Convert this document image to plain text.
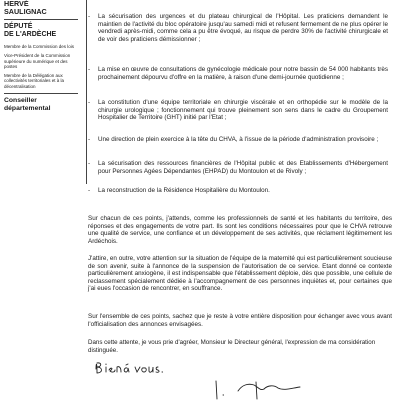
HERVÉ

SAULIGNAC

DÉPUTÉ

DE L'ARDÈCHE

Membre de la Commission des lois

Vice-Président de la Commission supérieure du numérique et des postes

Membre de la Délégation aux collectivités territoriales et à la décentralisation

Conseiller

départemental

- La sécurisation des urgences et du plateau chirurgical de l'Hôpital. Les praticiens demandent le maintien de l'activité du bloc opératoire jusqu'au samedi midi et refusent fermement de ne plus opérer le vendredi après-midi, comme cela a pu être évoqué, au risque de perdre 30% de l'activité chirurgicale et de voir des praticiens démissionner ;
- La mise en œuvre de consultations de gynécologie médicale pour notre bassin de 54 000 habitants très prochainement dépourvu d'offre en la matière, à raison d'une demi-journée quotidienne ;
- La constitution d'une équipe territoriale en chirurgie viscérale et en orthopédie sur le modèle de la chirurgie urologique ; fonctionnement qui trouve pleinement son sens dans le cadre du Groupement Hospitalier de Territoire (GHT) initié par l'Etat ;
- Une direction de plein exercice à la tête du CHVA, à l'issue de la période d'administration provisoire ;
- La sécurisation des ressources financières de l'Hôpital public et des Etablissements d'Hébergement pour Personnes Agées Dépendantes (EHPAD) du Montoulon et de Rivoly ;
- La reconstruction de la Résidence Hospitalière du Montoulon.

Sur chacun de ces points, j'attends, comme les professionnels de santé et les habitants du territoire, des réponses et des engagements de votre part. Ils sont les conditions nécessaires pour que le CHVA retrouve une qualité de service, une confiance et un développement de ses activités, que réclament légitimement les Ardéchois.

J'attire, en outre, votre attention sur la situation de l'équipe de la maternité qui est particulièrement soucieuse de son avenir, suite à l'annonce de la suspension de l'autorisation de ce service. Etant donné ce contexte particulièrement anxiogène, il est indispensable que l'établissement déploie, dès que possible, une cellule de reclassement spécialement dédiée à l'accompagnement de ces personnes inquiètes et, pour certaines que j'ai eues l'occasion de rencontrer, en souffrance.

Sur l'ensemble de ces points, sachez que je reste à votre entière disposition pour échanger avec vous avant l'officialisation des annonces envisagées.

Dans cette attente, je vous prie d'agréer, Monsieur le Directeur général, l'expression de ma considération distinguée.
